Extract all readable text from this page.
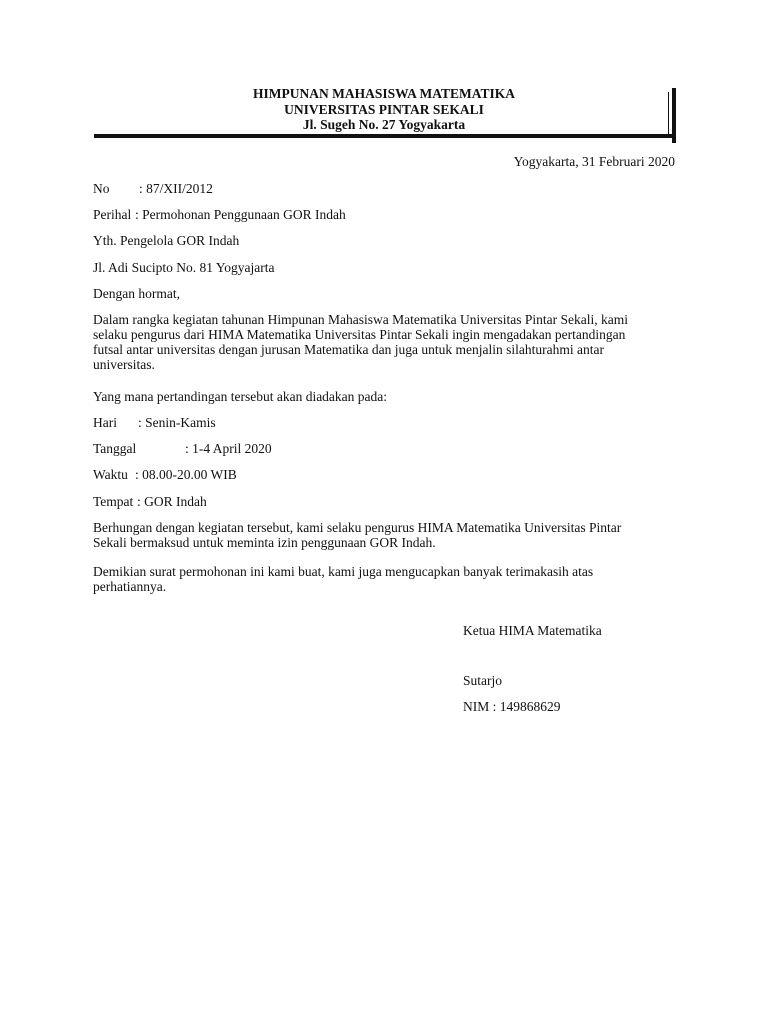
HIMPUNAN MAHASISWA MATEMATIKA
UNIVERSITAS PINTAR SEKALI
Jl. Sugeh No. 27 Yogyakarta
Yogyakarta, 31 Februari 2020
No : 87/XII/2012
Perihal : Permohonan Penggunaan GOR Indah
Yth. Pengelola GOR Indah
Jl. Adi Sucipto No. 81 Yogyajarta
Dengan hormat,
Dalam rangka kegiatan tahunan Himpunan Mahasiswa Matematika Universitas Pintar Sekali, kami
selaku pengurus dari HIMA Matematika Universitas Pintar Sekali ingin mengadakan pertandingan
futsal antar universitas dengan jurusan Matematika dan juga untuk menjalin silahturahmi antar
universitas.
Yang mana pertandingan tersebut akan diadakan pada:
Hari : Senin-Kamis
Tanggal	: 1-4 April 2020
Waktu : 08.00-20.00 WIB
Tempat : GOR Indah
Berhungan dengan kegiatan tersebut, kami selaku pengurus HIMA Matematika Universitas Pintar
Sekali bermaksud untuk meminta izin penggunaan GOR Indah.
Demikian surat permohonan ini kami buat, kami juga mengucapkan banyak terimakasih atas
perhatiannya.
Ketua HIMA Matematika
Sutarjo
NIM : 149868629
